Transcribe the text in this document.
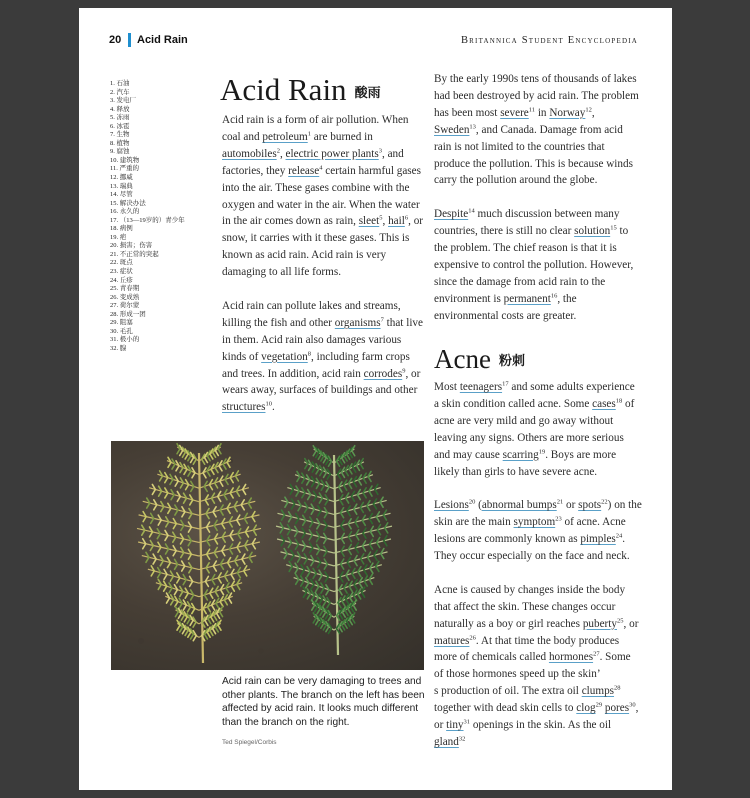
20 Acid Rain	Britannica Student Encyclopedia
1. 石油
2. 汽车
3. 发电厂
4. 释放
5. 冻雨
6. 冰雹
7. 生物
8. 植物
9. 腐蚀
10. 建筑物
11. 严重的
12. 挪威
13. 瑞典
14. 尽管
15. 解决办法
16. 永久的
17. （13—19岁的）青少年
18. 病例
19. 疤
20. 损害；伤害
21. 不正常的突起
22. 斑点
23. 症状
24. 丘疹
25. 青春期
26. 变成熟
27. 荷尔蒙
28. 形成一团
29. 阻塞
30. 毛孔
31. 极小的
32. 腺
Acid Rain 酸雨

Acid rain is a form of air pollution. When coal and petroleum$^1$ are burned in automobiles$^2$, electric power plants$^3$, and factories, they release$^4$ certain harmful gases into the air. These gases combine with the oxygen and water in the air. When the water in the air comes down as rain, sleet$^5$, hail$^6$, or snow, it carries with it these gases. This is known as acid rain. Acid rain is very damaging to all life forms.

Acid rain can pollute lakes and streams, killing the fish and other organisms$^7$ that live in them. Acid rain also damages various kinds of vegetation$^8$, including farm crops and trees. In addition, acid rain corrodes$^9$, or wears away, surfaces of buildings and other structures$^{10}$.

Acid rain can be very damaging to trees and other plants. The branch on the left has been affected by acid rain. It looks much different than the branch on the right.
Ted Spiegel/Corbis

By the early 1990s tens of thousands of lakes had been destroyed by acid rain. The problem has been most severe$^{11}$ in Norway$^{12}$, Sweden$^{13}$, and Canada. Damage from acid rain is not limited to the countries that produce the pollution. This is because winds carry the pollution around the globe.

Despite$^{14}$ much discussion between many countries, there is still no clear solution$^{15}$ to the problem. The chief reason is that it is expensive to control the pollution. However, since the damage from acid rain to the environment is permanent$^{16}$, the environmental costs are greater.

Acne 粉刺

Most teenagers$^{17}$ and some adults experience a skin condition called acne. Some cases$^{18}$ of acne are very mild and go away without leaving any signs. Others are more serious and may cause scarring$^{19}$. Boys are more likely than girls to have severe acne.

Lesions$^{20}$ (abnormal bumps$^{21}$ or spots$^{22}$) on the skin are the main symptom$^{23}$ of acne. Acne lesions are commonly known as pimples$^{24}$. They occur especially on the face and neck.

Acne is caused by changes inside the body that affect the skin. These changes occur naturally as a boy or girl reaches puberty$^{25}$, or matures$^{26}$. At that time the body produces more of chemicals called hormones$^{27}$. Some
of those hormones speed up the skin’
s production of oil. The extra oil clumps$^{28}$ together with dead skin cells to clog$^{29}$ pores$^{30}$, or tiny$^{31}$ openings in the skin. As the oil gland$^{32}$
